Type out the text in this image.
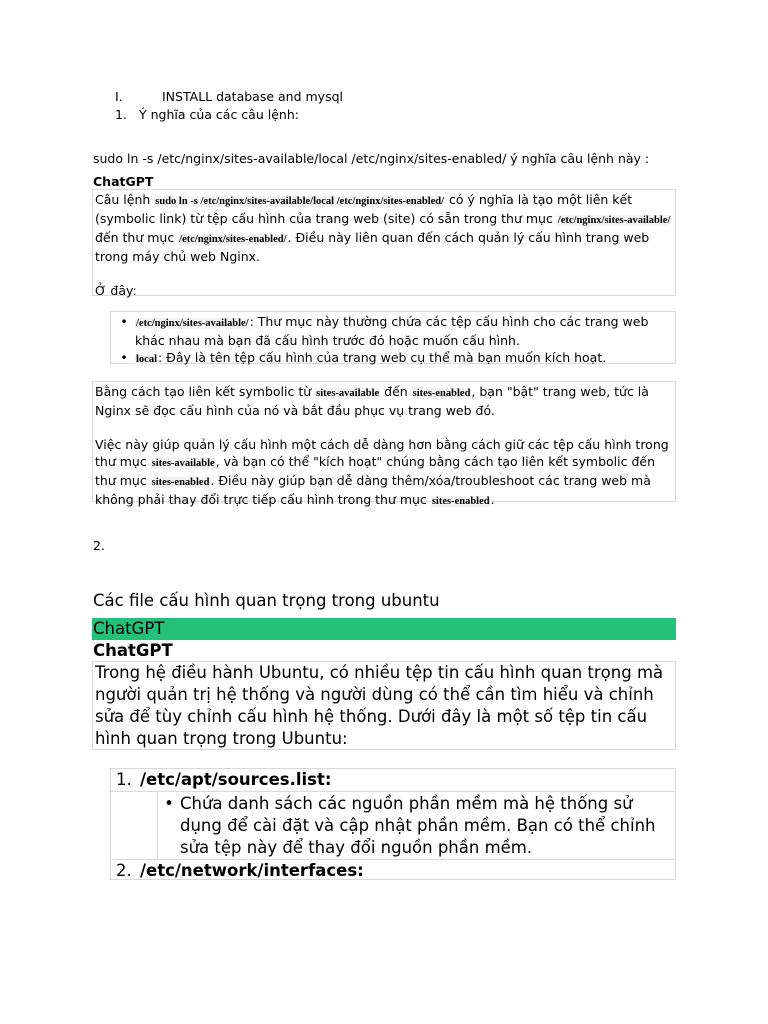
I.	INSTALL database and mysql
1. Ý nghĩa của các câu lệnh:
sudo ln -s /etc/nginx/sites-available/local /etc/nginx/sites-enabled/ ý nghĩa câu lệnh này :
ChatGPT
Câu lệnh sudo ln -s /etc/nginx/sites-available/local /etc/nginx/sites-enabled/ có ý nghĩa là tạo một liên kết (symbolic link) từ tệp cấu hình của trang web (site) có sẵn trong thư mục /etc/nginx/sites-available/ đến thư mục /etc/nginx/sites-enabled/. Điều này liên quan đến cách quản lý cấu hình trang web trong máy chủ web Nginx.
Ở đây:
• /etc/nginx/sites-available/: Thư mục này thường chứa các tệp cấu hình cho các trang web khác nhau mà bạn đã cấu hình trước đó hoặc muốn cấu hình.
• local: Đây là tên tệp cấu hình của trang web cụ thể mà bạn muốn kích hoạt.
Bằng cách tạo liên kết symbolic từ sites-available đến sites-enabled, bạn "bật" trang web, tức là Nginx sẽ đọc cấu hình của nó và bắt đầu phục vụ trang web đó.
Việc này giúp quản lý cấu hình một cách dễ dàng hơn bằng cách giữ các tệp cấu hình trong thư mục sites-available, và bạn có thể "kích hoạt" chúng bằng cách tạo liên kết symbolic đến thư mục sites-enabled. Điều này giúp bạn dễ dàng thêm/xóa/troubleshoot các trang web mà không phải thay đổi trực tiếp cấu hình trong thư mục sites-enabled.
2.
Các file cấu hình quan trọng trong ubuntu
ChatGPT
ChatGPT
Trong hệ điều hành Ubuntu, có nhiều tệp tin cấu hình quan trọng mà người quản trị hệ thống và người dùng có thể cần tìm hiểu và chỉnh sửa để tùy chỉnh cấu hình hệ thống. Dưới đây là một số tệp tin cấu hình quan trọng trong Ubuntu:
1. /etc/apt/sources.list:
• Chứa danh sách các nguồn phần mềm mà hệ thống sử dụng để cài đặt và cập nhật phần mềm. Bạn có thể chỉnh sửa tệp này để thay đổi nguồn phần mềm.
2. /etc/network/interfaces:
